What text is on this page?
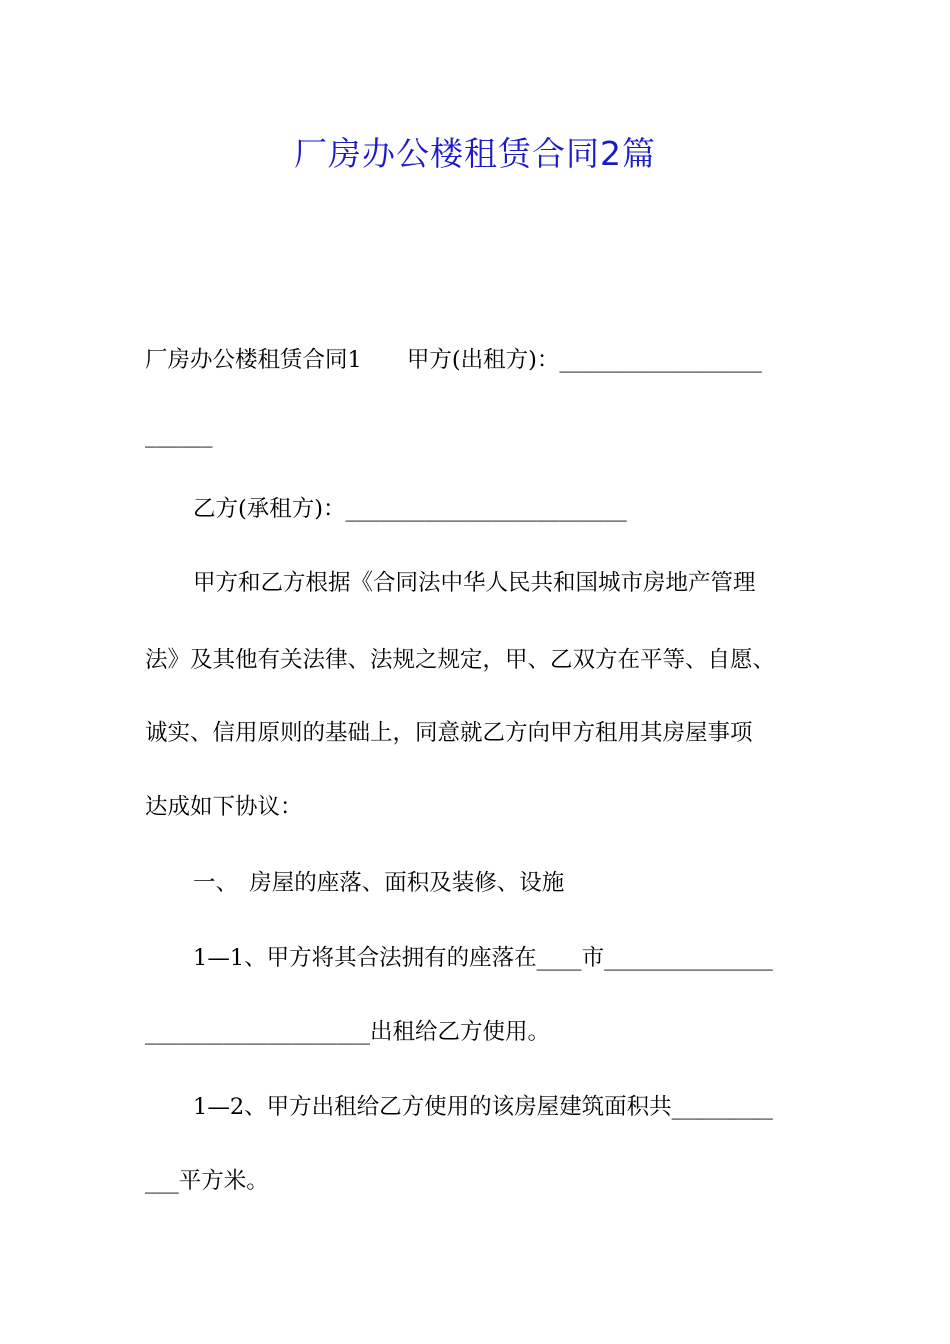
厂房办公楼租赁合同2篇
厂房办公楼租赁合同1　　甲方(出租方)：__________________
______
乙方(承租方)：_________________________
甲方和乙方根据《合同法中华人民共和国城市房地产管理
法》及其他有关法律、法规之规定，甲、乙双方在平等、自愿、
诚实、信用原则的基础上，同意就乙方向甲方租用其房屋事项
达成如下协议：
一、　房屋的座落、面积及装修、设施
1—1、甲方将其合法拥有的座落在____市_______________
____________________出租给乙方使用。
1—2、甲方出租给乙方使用的该房屋建筑面积共_________
___平方米。
